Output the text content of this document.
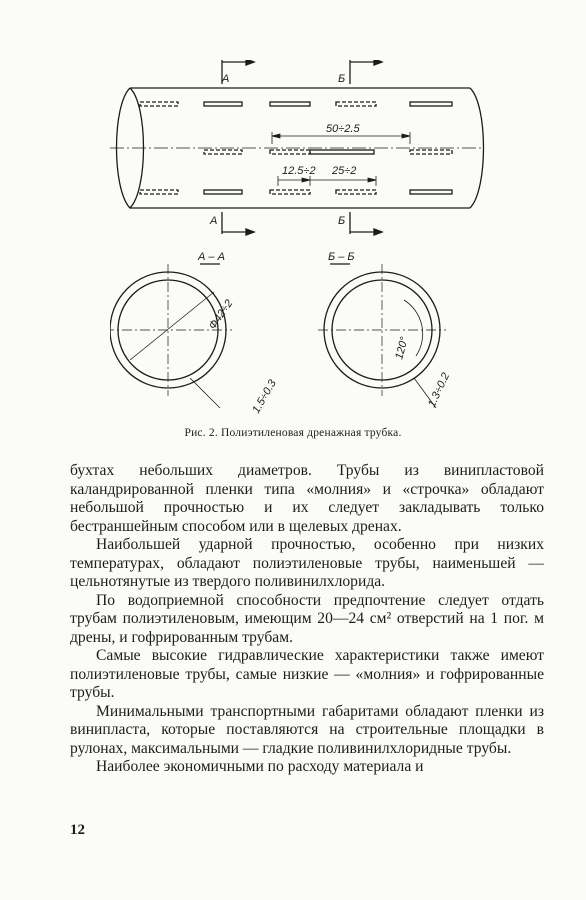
А	Б
А	Б
50÷2.5
12.5÷2 25÷2
А – А	Б – Б
Ф42÷2
1.5÷0.3
120°
1.3÷0.2
Рис. 2. Полиэтиленовая дренажная трубка.

бухтах небольших диаметров. Трубы из винипластовой каландрированной пленки типа «молния» и «строчка» обладают небольшой прочностью и их следует закладывать только бестраншейным способом или в щелевых дренах.

Наибольшей ударной прочностью, особенно при низких температурах, обладают полиэтиленовые трубы, наименьшей — цельнотянутые из твердого поливинилхлорида.

По водоприемной способности предпочтение следует отдать трубам полиэтиленовым, имеющим 20—24 см² отверстий на 1 пог. м дрены, и гофрированным трубам.

Самые высокие гидравлические характеристики также имеют полиэтиленовые трубы, самые низкие — «молния» и гофрированные трубы.

Минимальными транспортными габаритами обладают пленки из винипласта, которые поставляются на строительные площадки в рулонах, максимальными — гладкие поливинилхлоридные трубы.

Наиболее экономичными по расходу материала и

12
